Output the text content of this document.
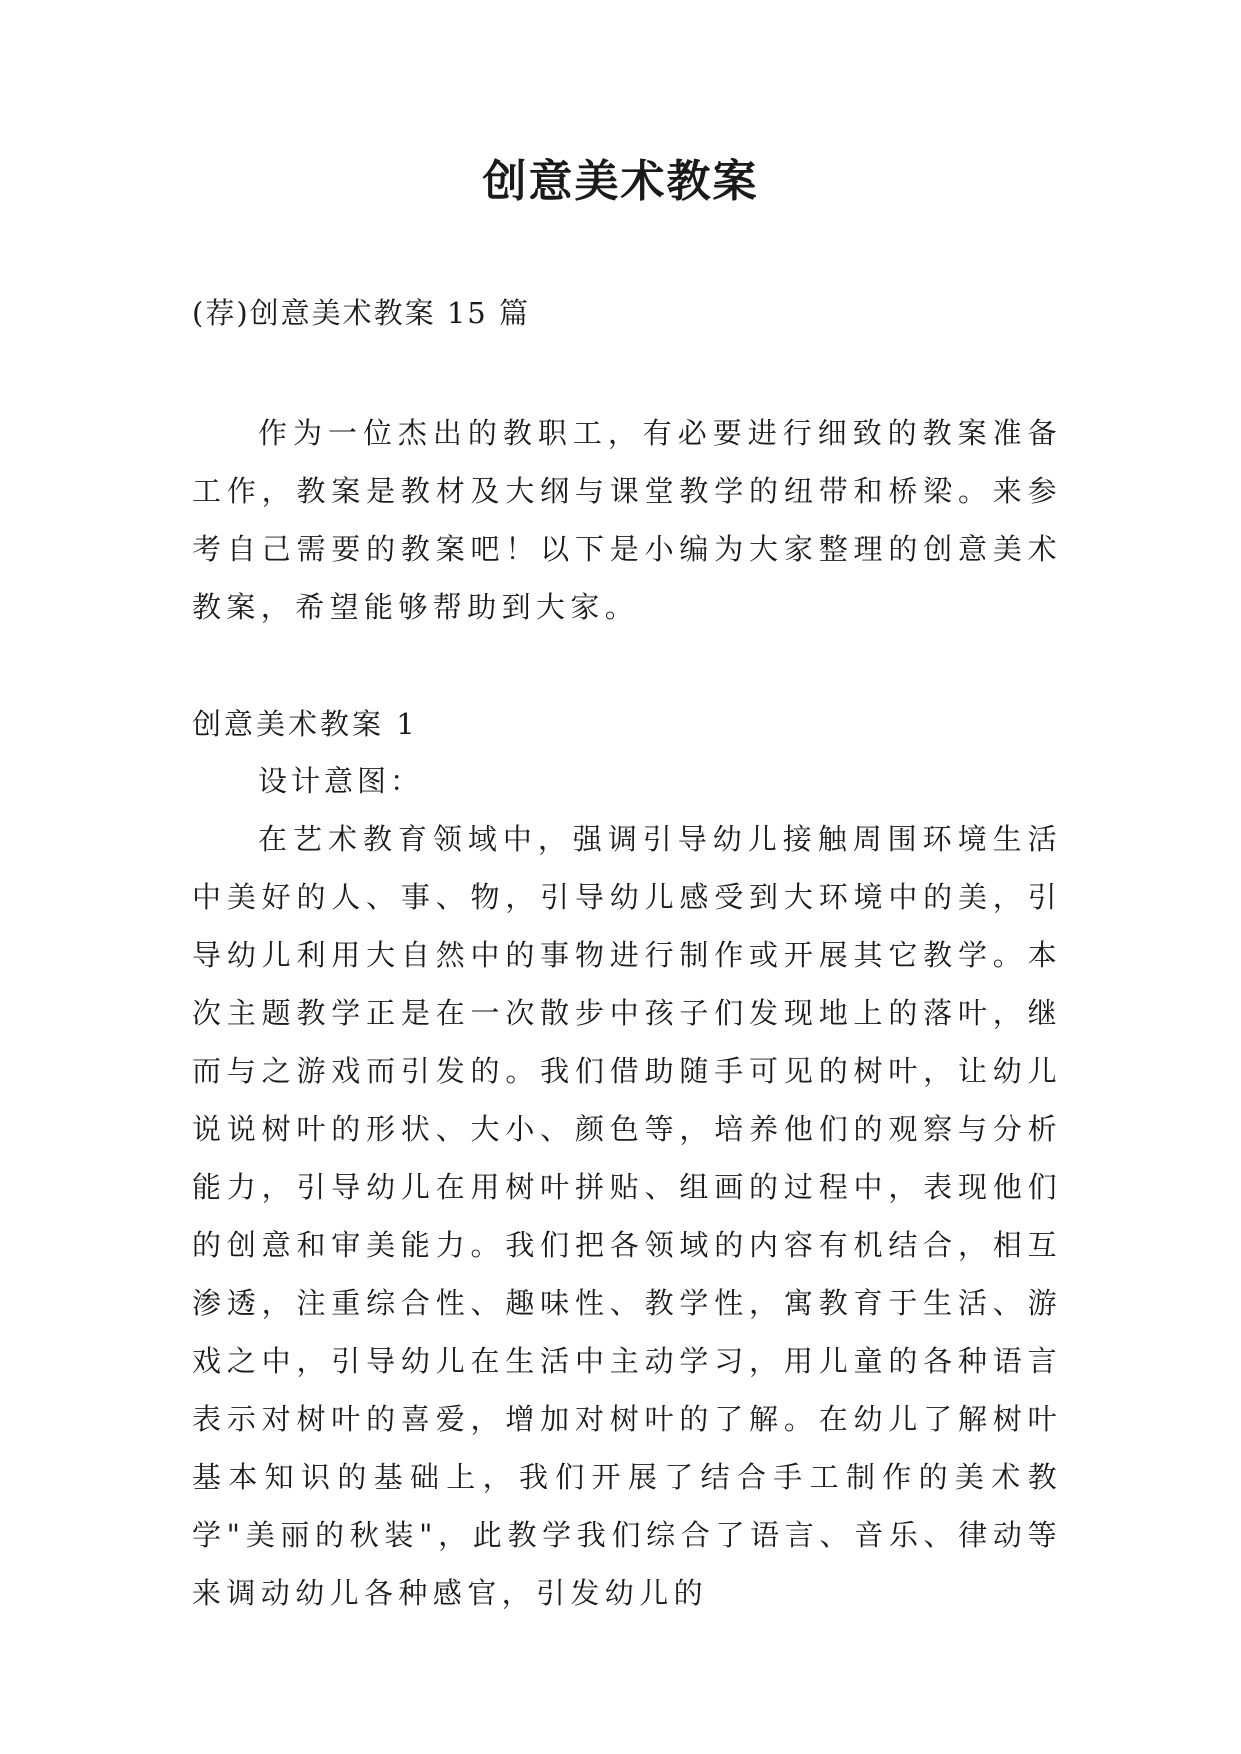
创意美术教案

(荐)创意美术教案 15 篇

作为一位杰出的教职工，有必要进行细致的教案准备工作，教案是教材及大纲与课堂教学的纽带和桥梁。来参考自己需要的教案吧！以下是小编为大家整理的创意美术教案，希望能够帮助到大家。

创意美术教案 1

设计意图：

在艺术教育领域中，强调引导幼儿接触周围环境生活中美好的人、事、物，引导幼儿感受到大环境中的美，引导幼儿利用大自然中的事物进行制作或开展其它教学。本次主题教学正是在一次散步中孩子们发现地上的落叶，继而与之游戏而引发的。我们借助随手可见的树叶，让幼儿说说树叶的形状、大小、颜色等，培养他们的观察与分析能力，引导幼儿在用树叶拼贴、组画的过程中，表现他们的创意和审美能力。我们把各领域的内容有机结合，相互渗透，注重综合性、趣味性、教学性，寓教育于生活、游戏之中，引导幼儿在生活中主动学习，用儿童的各种语言表示对树叶的喜爱，增加对树叶的了解。在幼儿了解树叶基本知识的基础上，我们开展了结合手工制作的美术教学"美丽的秋装"，此教学我们综合了语言、音乐、律动等来调动幼儿各种感官，引发幼儿的
